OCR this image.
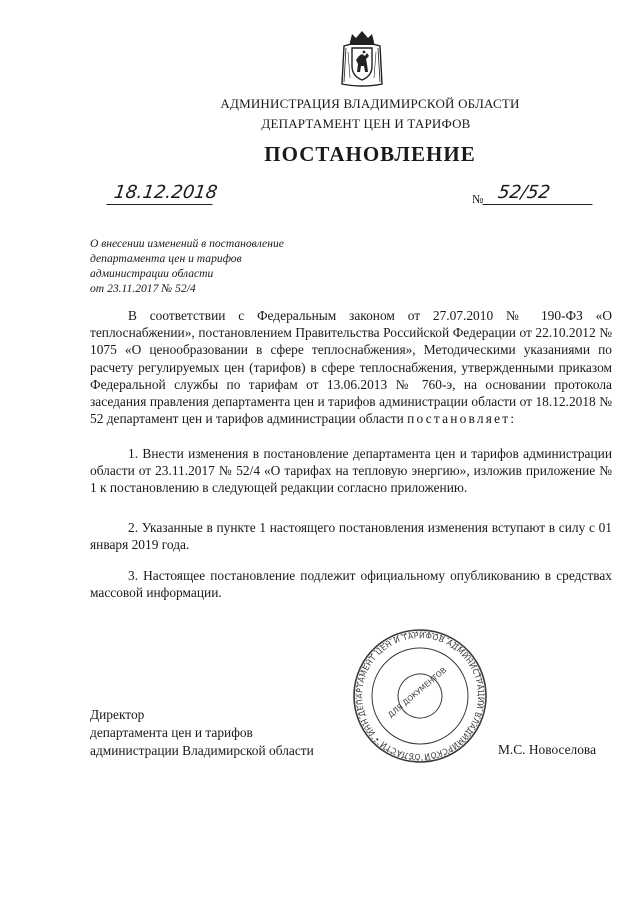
АДМИНИСТРАЦИЯ ВЛАДИМИРСКОЙ ОБЛАСТИ
ДЕПАРТАМЕНТ ЦЕН И ТАРИФОВ
ПОСТАНОВЛЕНИЕ
18.12.2018	№ 52/52
О внесении изменений в постановление
департамента цен и тарифов
администрации области
от 23.11.2017 № 52/4
В соответствии с Федеральным законом от 27.07.2010 № 190-ФЗ «О теплоснабжении», постановлением Правительства Российской Федерации от 22.10.2012 № 1075 «О ценообразовании в сфере теплоснабжения», Методическими указаниями по расчету регулируемых цен (тарифов) в сфере теплоснабжения, утвержденными приказом Федеральной службы по тарифам от 13.06.2013 № 760-э, на основании протокола заседания правления департамента цен и тарифов администрации области от 18.12.2018 № 52 департамент цен и тарифов администрации области постановляет:
1. Внести изменения в постановление департамента цен и тарифов администрации области от 23.11.2017 № 52/4 «О тарифах на тепловую энергию», изложив приложение № 1 к постановлению в следующей редакции согласно приложению.
2. Указанные в пункте 1 настоящего постановления изменения вступают в силу с 01 января 2019 года.
3. Настоящее постановление подлежит официальному опубликованию в средствах массовой информации.
ДЕПАРТАМЕНТ ЦЕН И ТАРИФОВ АДМИНИСТРАЦИИ ВЛАДИМИРСКОЙ ОБЛАСТИ • ИНН
ДЛЯ ДОКУМЕНТОВ
Директор
департамента цен и тарифов
администрации Владимирской области	М.С. Новоселова
